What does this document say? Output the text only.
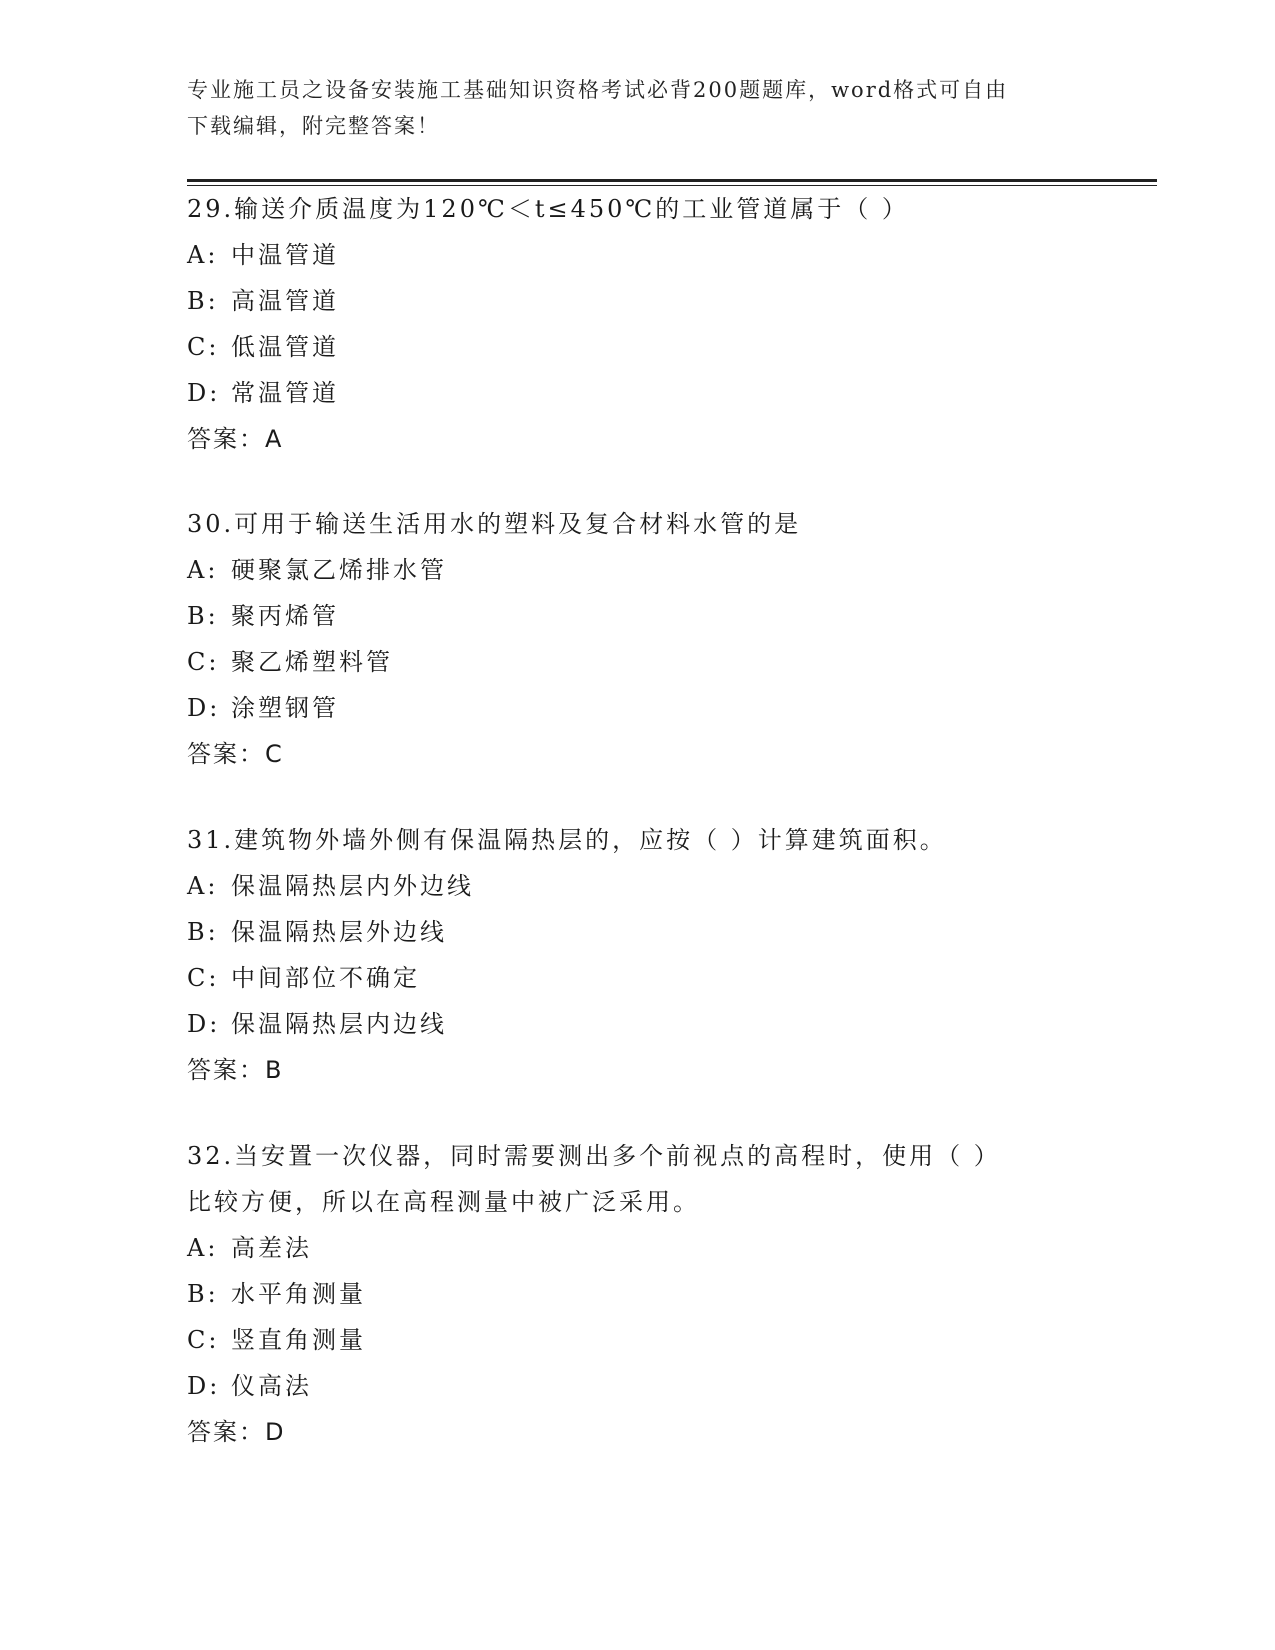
专业施工员之设备安装施工基础知识资格考试必背200题题库，word格式可自由
下载编辑，附完整答案！

29.输送介质温度为120℃＜t≤450℃的工业管道属于（ ）

A: 中温管道

B: 高温管道

C: 低温管道

D: 常温管道

答案：A

30.可用于输送生活用水的塑料及复合材料水管的是

A: 硬聚氯乙烯排水管

B: 聚丙烯管

C: 聚乙烯塑料管

D: 涂塑钢管

答案：C

31.建筑物外墙外侧有保温隔热层的，应按（ ）计算建筑面积。

A: 保温隔热层内外边线

B: 保温隔热层外边线

C: 中间部位不确定

D: 保温隔热层内边线

答案：B

32.当安置一次仪器，同时需要测出多个前视点的高程时，使用（ ）

比较方便，所以在高程测量中被广泛采用。

A: 高差法

B: 水平角测量

C: 竖直角测量

D: 仪高法

答案：D
